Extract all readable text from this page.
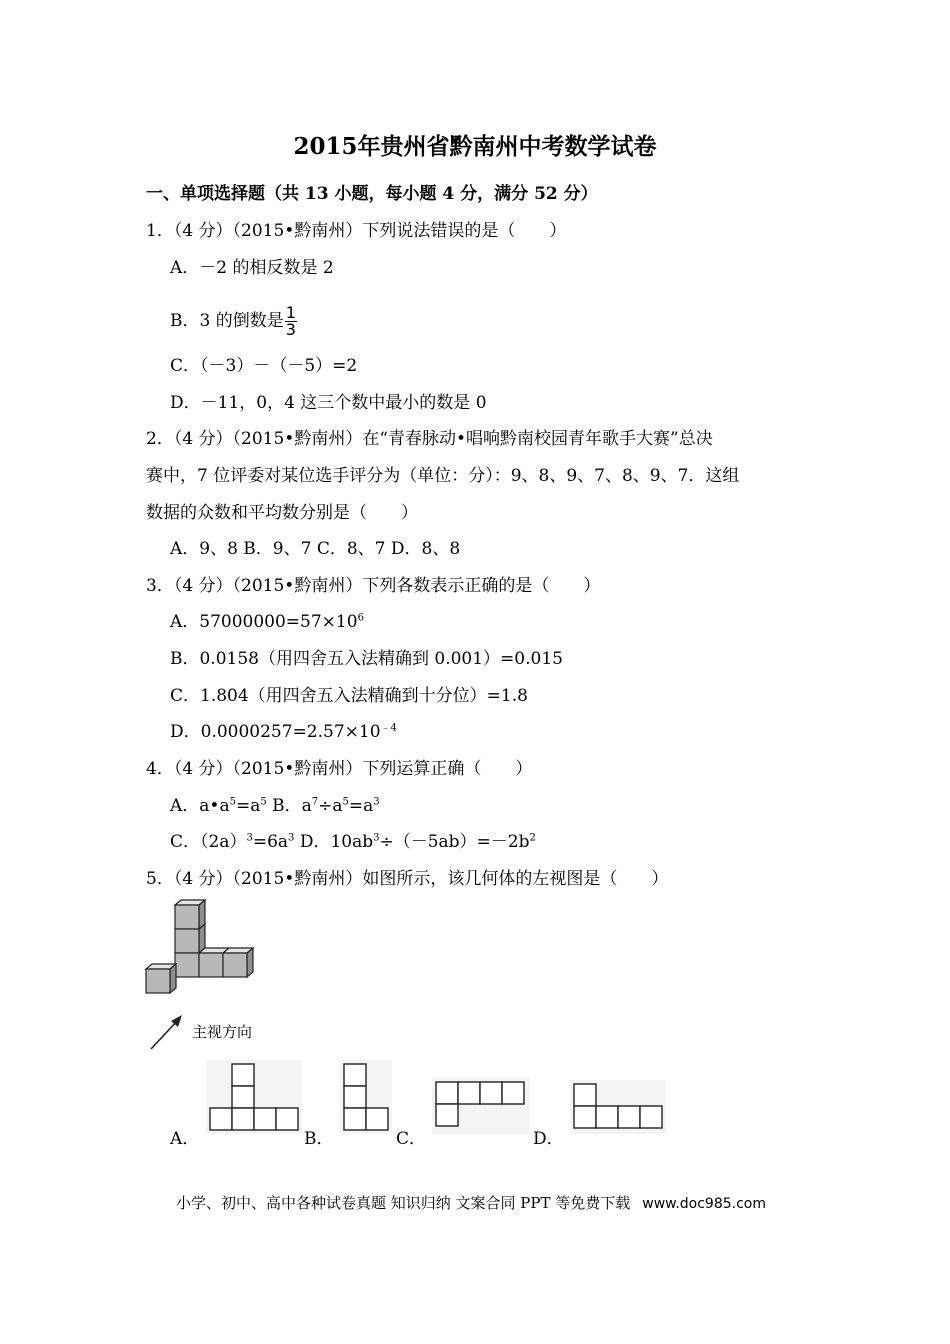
2015年贵州省黔南州中考数学试卷
一、单项选择题（共 13 小题，每小题 4 分，满分 52 分）
1．（4 分）（2015•黔南州）下列说法错误的是（　　）
A．－2 的相反数是 2
B．3 的倒数是 $\frac{1}{3}$
C．（－3）－（－5）=2
D．－11，0，4 这三个数中最小的数是 0
2．（4 分）（2015•黔南州）在“青春脉动•唱响黔南校园青年歌手大赛”总决
赛中，7 位评委对某位选手评分为（单位：分）：9、8、9、7、8、9、7．这组
数据的众数和平均数分别是（　　）
A．9、8 B．9、7 C．8、7 D．8、8
3．（4 分）（2015•黔南州）下列各数表示正确的是（　　）
A．$57000000=57\times 10^6$
B．0.0158（用四舍五入法精确到 0.001）=0.015
C．1.804（用四舍五入法精确到十分位）=1.8
D．$0.0000257=2.57\times 10^{﹣4}$
4．（4 分）（2015•黔南州）下列运算正确（　　）
A．$a•a^5=a^5$ B．$a^7\div a^5=a^3$
C．$(2a)^3=6a^3$ D．$10ab^3\div(-5ab)=-2b^2$
5．（4 分）（2015•黔南州）如图所示，该几何体的左视图是（　　）
主视方向
A．	B．	C．	D．
小学、初中、高中各种试卷真题 知识归纳 文案合同 PPT 等免费下载 www.doc985.com
